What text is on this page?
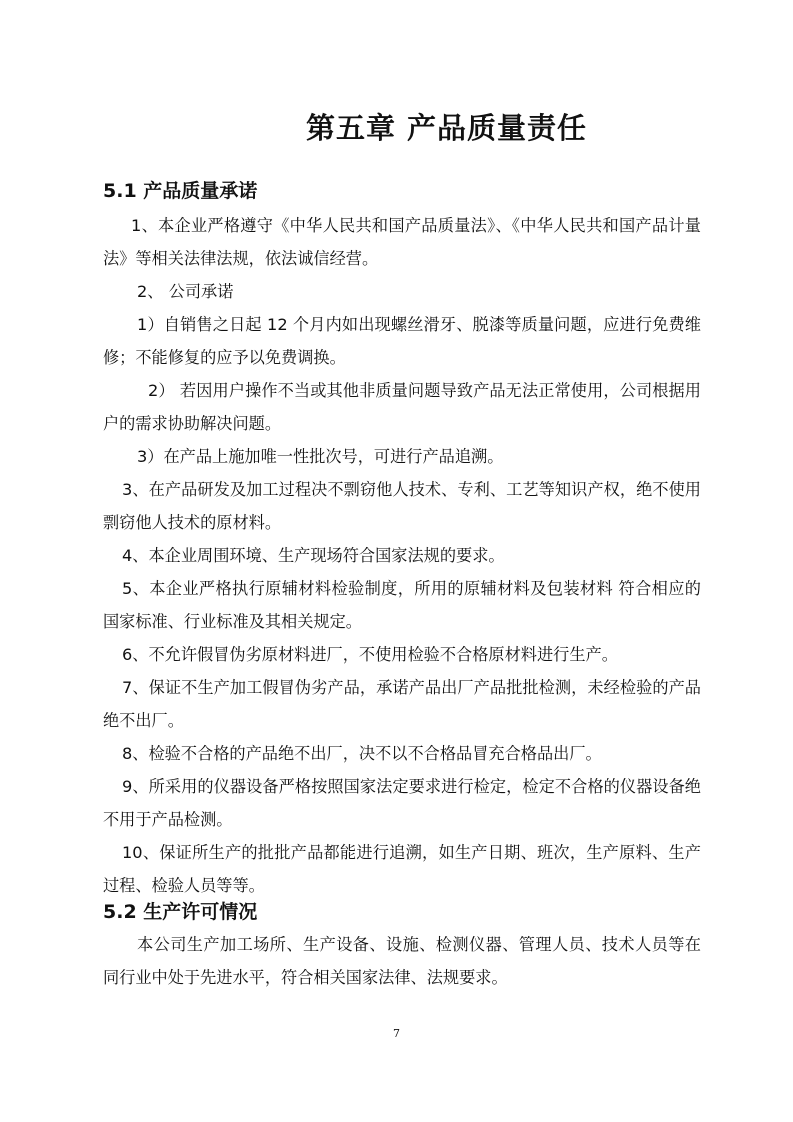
第五章 产品质量责任
5.1 产品质量承诺

1、本企业严格遵守《中华人民共和国产品质量法》、《中华人民共和国产品计量法》等相关法律法规，依法诚信经营。

2、 公司承诺

1）自销售之日起 12 个月内如出现螺丝滑牙、脱漆等质量问题，应进行免费维修；不能修复的应予以免费调换。

2） 若因用户操作不当或其他非质量问题导致产品无法正常使用，公司根据用户的需求协助解决问题。

3）在产品上施加唯一性批次号，可进行产品追溯。

3、在产品研发及加工过程决不剽窃他人技术、专利、工艺等知识产权，绝不使用剽窃他人技术的原材料。

4、本企业周围环境、生产现场符合国家法规的要求。

5、本企业严格执行原辅材料检验制度，所用的原辅材料及包装材料 符合相应的国家标准、行业标准及其相关规定。

6、不允许假冒伪劣原材料进厂，不使用检验不合格原材料进行生产。

7、保证不生产加工假冒伪劣产品，承诺产品出厂产品批批检测，未经检验的产品绝不出厂。

8、检验不合格的产品绝不出厂，决不以不合格品冒充合格品出厂。

9、所采用的仪器设备严格按照国家法定要求进行检定，检定不合格的仪器设备绝不用于产品检测。

10、保证所生产的批批产品都能进行追溯，如生产日期、班次，生产原料、生产过程、检验人员等等。

5.2 生产许可情况

本公司生产加工场所、生产设备、设施、检测仪器、管理人员、技术人员等在同行业中处于先进水平，符合相关国家法律、法规要求。

7
